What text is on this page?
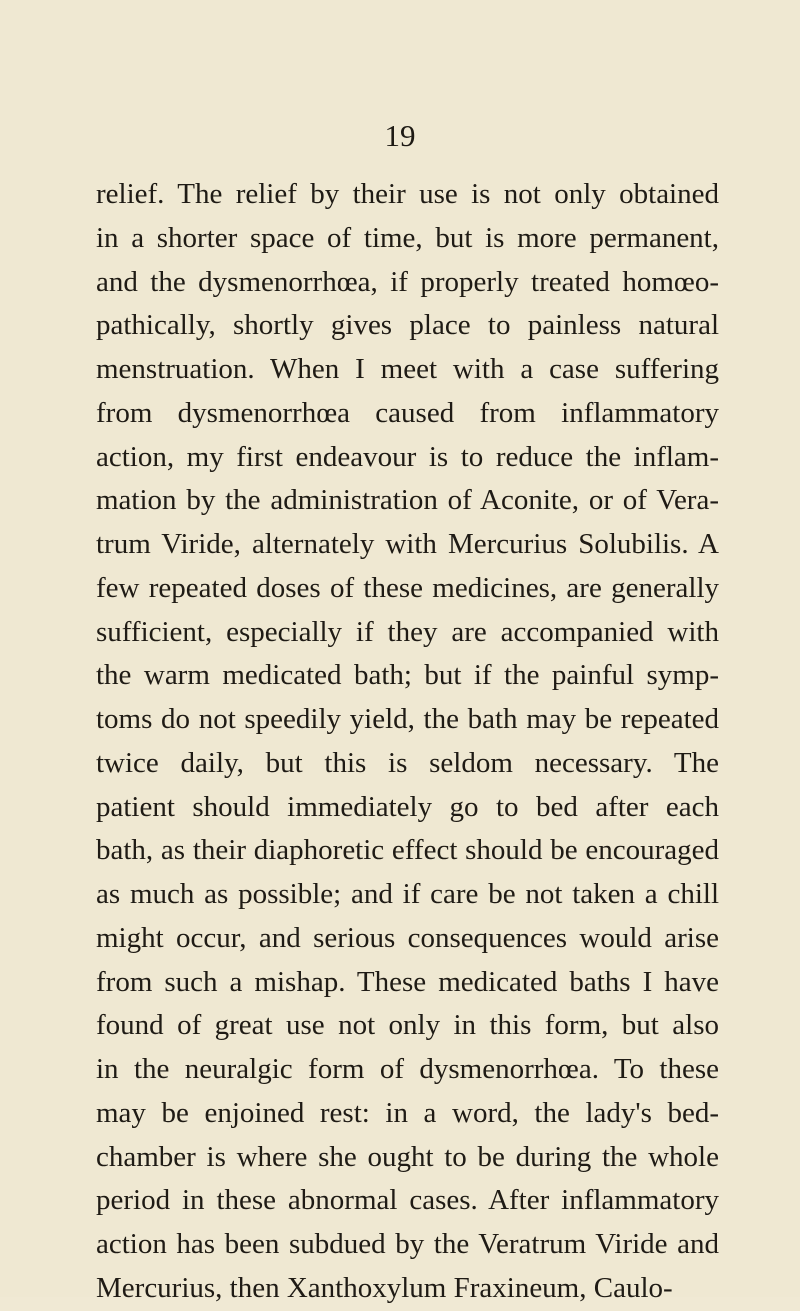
19
relief. The relief by their use is not only obtained
in a shorter space of time, but is more permanent,
and the dysmenorrhœa, if properly treated homœo-
pathically, shortly gives place to painless natural
menstruation. When I meet with a case suffering
from dysmenorrhœa caused from inflammatory
action, my first endeavour is to reduce the inflam-
mation by the administration of Aconite, or of Vera-
trum Viride, alternately with Mercurius Solubilis. A
few repeated doses of these medicines, are generally
sufficient, especially if they are accompanied with
the warm medicated bath; but if the painful symp-
toms do not speedily yield, the bath may be repeated
twice daily, but this is seldom necessary. The
patient should immediately go to bed after each
bath, as their diaphoretic effect should be encouraged
as much as possible; and if care be not taken a chill
might occur, and serious consequences would arise
from such a mishap. These medicated baths I have
found of great use not only in this form, but also
in the neuralgic form of dysmenorrhœa. To these
may be enjoined rest: in a word, the lady's bed-
chamber is where she ought to be during the whole
period in these abnormal cases. After inflammatory
action has been subdued by the Veratrum Viride and
Mercurius, then Xanthoxylum Fraxineum, Caulo-
